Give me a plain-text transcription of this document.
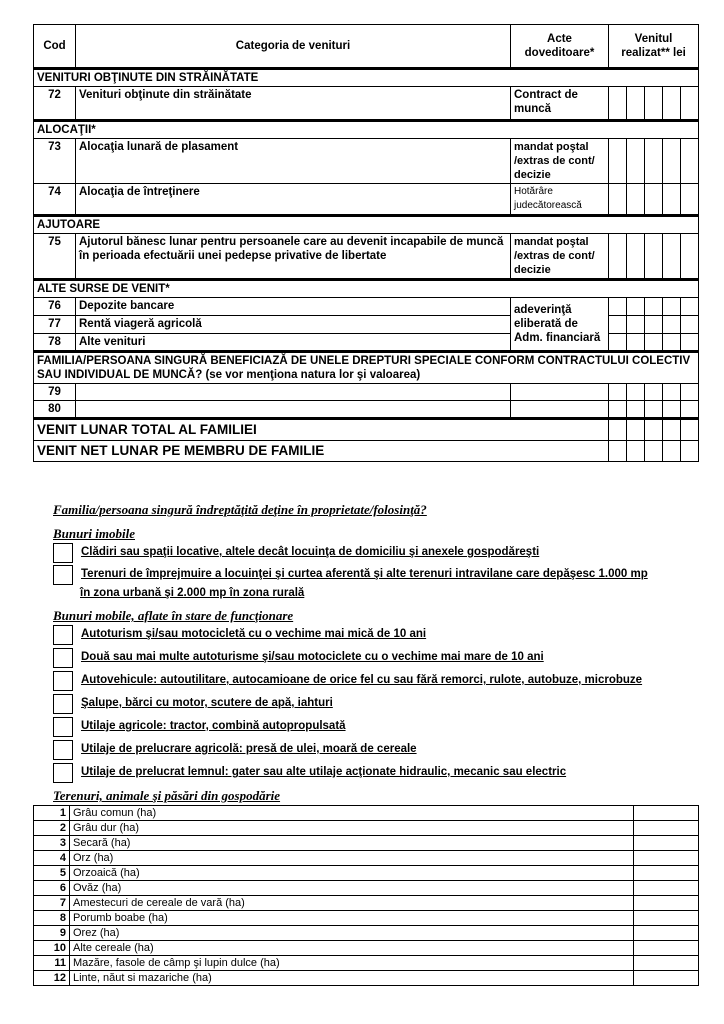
Cod	Categoria de venituri	Acte doveditoare*	Venitul realizat** lei				
VENITURI OBŢINUTE DIN STRĂINĂTATE							
72	Venituri obţinute din străinătate	Contract de muncă					
ALOCAŢII*							
73	Alocaţia lunară de plasament	mandat poştal /extras de cont/ decizie					
74	Alocaţia de întreţinere	Hotărâre judecătorească					
AJUTOARE							
75	Ajutorul bănesc lunar pentru persoanele care au devenit incapabile de muncă în perioada efectuării unei pedepse privative de libertate	mandat poştal /extras de cont/ decizie					
ALTE SURSE DE VENIT*							
76	Depozite bancare	adeverinţă eliberată de Adm. financiară					
77	Rentă viageră agricolă						
78	Alte venituri						
FAMILIA/PERSOANA SINGURĂ BENEFICIAZĂ DE UNELE DREPTURI SPECIALE CONFORM CONTRACTULUI COLECTIV SAU INDIVIDUAL DE MUNCĂ? (se vor menţiona natura lor şi valoarea)							
79							
80							
VENIT LUNAR TOTAL AL FAMILIEI							
VENIT NET LUNAR PE MEMBRU DE FAMILIE							
Familia/persoana singură îndreptăţită deţine în proprietate/folosinţă?
Bunuri imobile
Clădiri sau spaţii locative, altele decât locuinţa de domiciliu şi anexele gospodăreşti
Terenuri de împrejmuire a locuinţei şi curtea aferentă şi alte terenuri intravilane care depăşesc 1.000 mp
în zona urbană şi 2.000 mp în zona rurală
Bunuri mobile, aflate în stare de funcţionare
Autoturism şi/sau motocicletă cu o vechime mai mică de 10 ani
Două sau mai multe autoturisme şi/sau motociclete cu o vechime mai mare de 10 ani
Autovehicule: autoutilitare, autocamioane de orice fel cu sau fără remorci, rulote, autobuze, microbuze
Şalupe, bărci cu motor, scutere de apă, iahturi
Utilaje agricole: tractor, combină autopropulsată
Utilaje de prelucrare agricolă: presă de ulei, moară de cereale
Utilaje de prelucrat lemnul: gater sau alte utilaje acţionate hidraulic, mecanic sau electric
Terenuri, animale şi păsări din gospodărie
1	Grâu comun (ha)	
2	Grâu dur (ha)	
3	Secară (ha)	
4	Orz (ha)	
5	Orzoaică (ha)	
6	Ovăz (ha)	
7	Amestecuri de cereale de vară (ha)	
8	Porumb boabe (ha)	
9	Orez (ha)	
10	Alte cereale (ha)	
11	Mazăre, fasole de câmp şi lupin dulce (ha)	
12	Linte, năut si mazariche (ha)	
